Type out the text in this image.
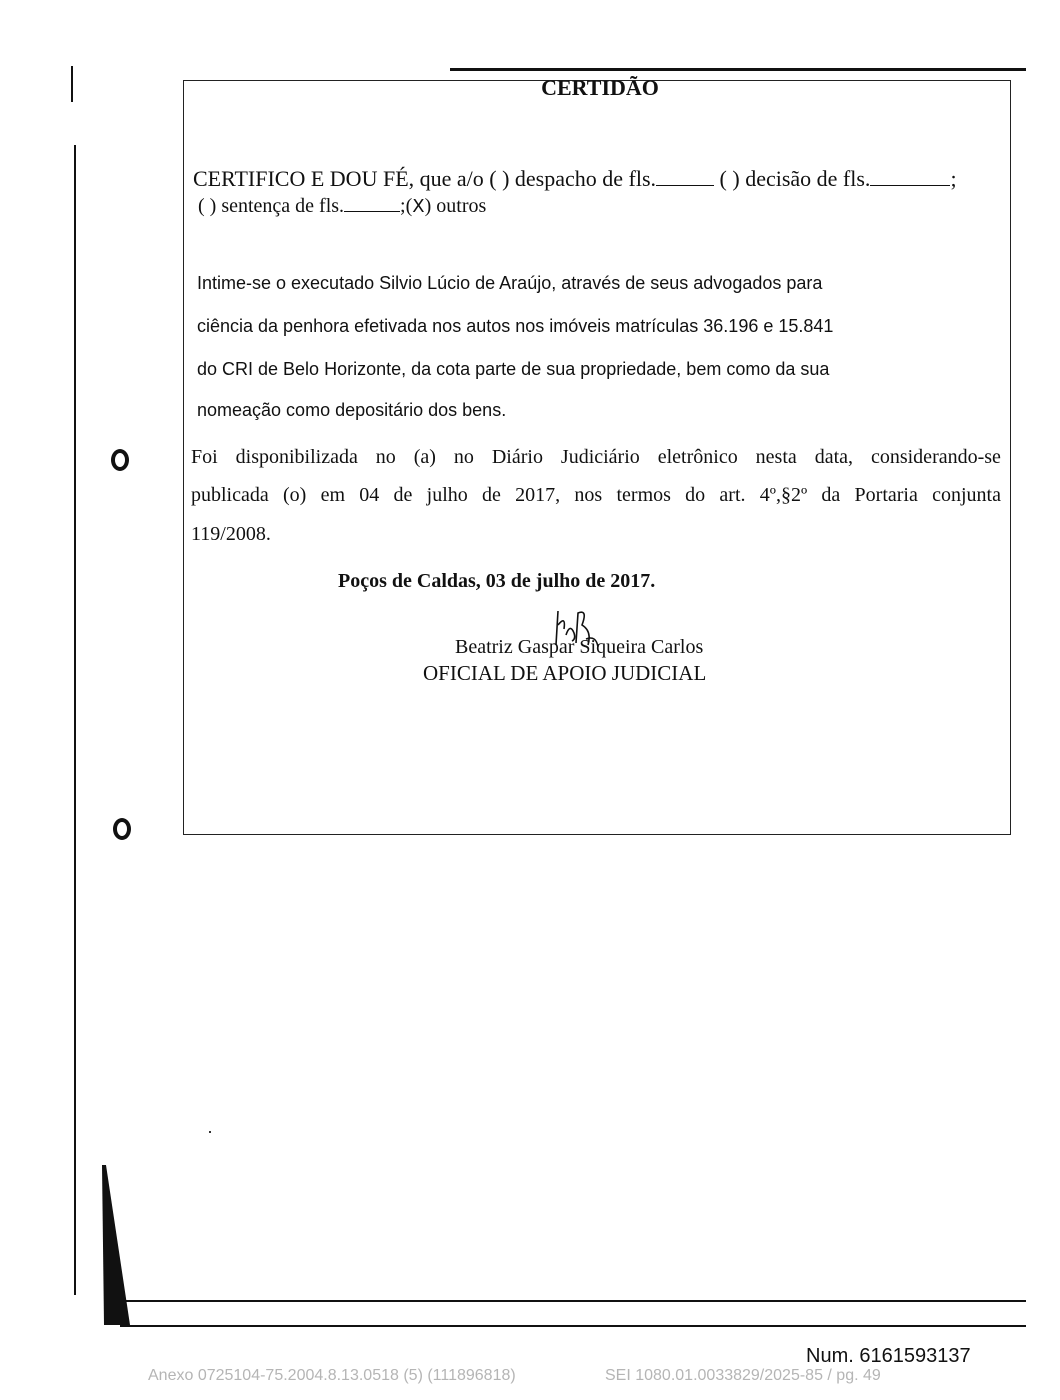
CERTIDÃO
CERTIFICO E DOU FÉ, que a/o ( ) despacho de fls.	( ) decisão de fls.	;
( ) sentença de fls.	;(X) outros
Intime-se o executado Silvio Lúcio de Araújo, através de seus advogados para
ciência da penhora efetivada nos autos nos imóveis matrículas 36.196 e 15.841
do CRI de Belo Horizonte, da cota parte de sua propriedade, bem como da sua
nomeação como depositário dos bens.
Foi disponibilizada no (a) no Diário Judiciário eletrônico nesta data, considerando-se
publicada (o) em 04 de julho de 2017, nos termos do art. 4º,§2º da Portaria conjunta
119/2008.
Poços de Caldas, 03 de julho de 2017.
Beatriz Gaspar Siqueira Carlos
OFICIAL DE APOIO JUDICIAL
Num. 6161593137
Anexo 0725104-75.2004.8.13.0518 (5) (111896818)	SEI 1080.01.0033829/2025-85 / pg. 49
